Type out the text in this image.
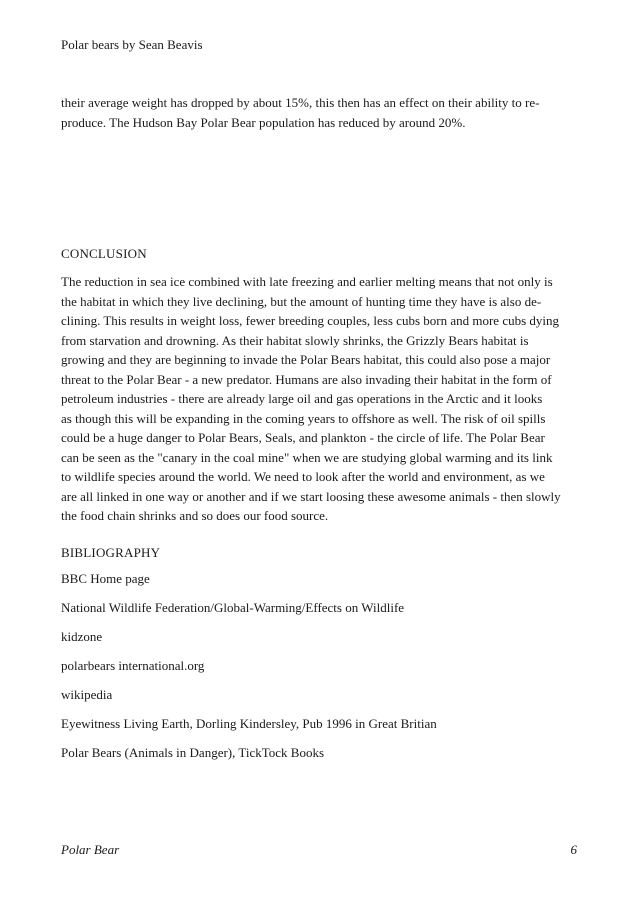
Polar bears by Sean Beavis

their average weight has dropped by about 15%, this then has an effect on their ability to re-
produce. The Hudson Bay Polar Bear population has reduced by around 20%.

CONCLUSION
The reduction in sea ice combined with late freezing and earlier melting means that not only is
the habitat in which they live declining, but the amount of hunting time they have is also de-
clining. This results in weight loss, fewer breeding couples, less cubs born and more cubs dying
from starvation and drowning. As their habitat slowly shrinks, the Grizzly Bears habitat is
growing and they are beginning to invade the Polar Bears habitat, this could also pose a major
threat to the Polar Bear - a new predator. Humans are also invading their habitat in the form of
petroleum industries - there are already large oil and gas operations in the Arctic and it looks
as though this will be expanding in the coming years to offshore as well. The risk of oil spills
could be a huge danger to Polar Bears, Seals, and plankton - the circle of life. The Polar Bear
can be seen as the "canary in the coal mine" when we are studying global warming and its link
to wildlife species around the world. We need to look after the world and environment, as we
are all linked in one way or another and if we start loosing these awesome animals - then slowly
the food chain shrinks and so does our food source.
BIBLIOGRAPHY
BBC Home page
National Wildlife Federation/Global-Warming/Effects on Wildlife
kidzone
polarbears international.org
wikipedia
Eyewitness Living Earth, Dorling Kindersley, Pub 1996 in Great Britian
Polar Bears (Animals in Danger), TickTock Books
Polar Bear	6
